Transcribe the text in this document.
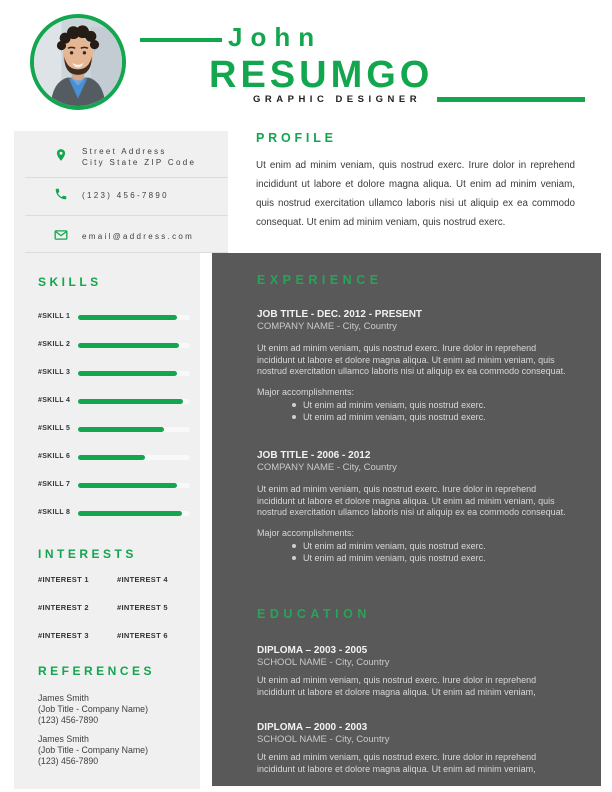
John
RESUMGO
GRAPHIC DESIGNER
Street Address
City State ZIP Code
(123) 456-7890
email@address.com
SKILLS
#SKILL 1
#SKILL 2
#SKILL 3
#SKILL 4
#SKILL 5
#SKILL 6
#SKILL 7
#SKILL 8
INTERESTS
#INTEREST 1	#INTEREST 4
#INTEREST 2	#INTEREST 5
#INTEREST 3	#INTEREST 6
REFERENCES
James Smith
(Job Title - Company Name)
(123) 456-7890
James Smith
(Job Title - Company Name)
(123) 456-7890
PROFILE
Ut enim ad minim veniam, quis nostrud exerc. Irure dolor in reprehend incididunt ut labore et dolore magna aliqua. Ut enim ad minim veniam, quis nostrud exercitation ullamco laboris nisi ut aliquip ex ea commodo consequat. Ut enim ad minim veniam, quis nostrud exerc.
EXPERIENCE
JOB TITLE - DEC. 2012 - PRESENT
COMPANY NAME - City, Country
Ut enim ad minim veniam, quis nostrud exerc. Irure dolor in reprehend incididunt ut labore et dolore magna aliqua. Ut enim ad minim veniam, quis nostrud exercitation ullamco laboris nisi ut aliquip ex ea commodo consequat.
Major accomplishments:
Ut enim ad minim veniam, quis nostrud exerc.
Ut enim ad minim veniam, quis nostrud exerc.
JOB TITLE - 2006 - 2012
COMPANY NAME - City, Country
Ut enim ad minim veniam, quis nostrud exerc. Irure dolor in reprehend incididunt ut labore et dolore magna aliqua. Ut enim ad minim veniam, quis nostrud exercitation ullamco laboris nisi ut aliquip ex ea commodo consequat.
Major accomplishments:
Ut enim ad minim veniam, quis nostrud exerc.
Ut enim ad minim veniam, quis nostrud exerc.
EDUCATION
DIPLOMA – 2003 - 2005
SCHOOL NAME - City, Country
Ut enim ad minim veniam, quis nostrud exerc. Irure dolor in reprehend incididunt ut labore et dolore magna aliqua. Ut enim ad minim veniam,
DIPLOMA – 2000 - 2003
SCHOOL NAME - City, Country
Ut enim ad minim veniam, quis nostrud exerc. Irure dolor in reprehend incididunt ut labore et dolore magna aliqua. Ut enim ad minim veniam,
